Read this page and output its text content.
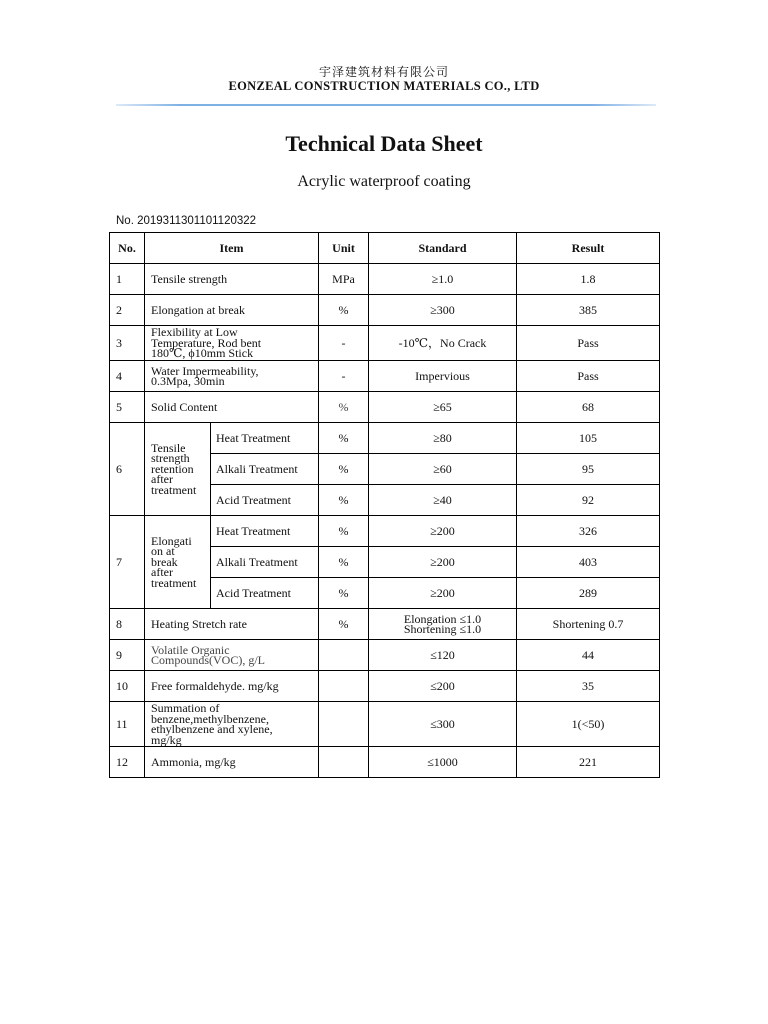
宇泽建筑材料有限公司
EONZEAL CONSTRUCTION MATERIALS CO., LTD
Technical Data Sheet
Acrylic waterproof coating
No. 2019311301101120322
No.	Item		Unit	Standard	Result
1	Tensile strength		MPa	≥1.0	1.8
2	Elongation at break		%	≥300	385
3	Flexibility at Low
Temperature, Rod bent
180℃, ϕ10mm Stick		-	-10℃，No Crack	Pass
4	Water Impermeability,
0.3Mpa, 30min		-	Impervious	Pass
5	Solid Content		%	≥65	68
6	Tensile
strength
retention
after
treatment	Heat Treatment	%	≥80	105
		Alkali Treatment	%	≥60	95
		Acid Treatment	%	≥40	92
7	Elongati
on at
break
after
treatment	Heat Treatment	%	≥200	326
		Alkali Treatment	%	≥200	403
		Acid Treatment	%	≥200	289
8	Heating Stretch rate		%	Elongation ≤1.0
Shortening ≤1.0	Shortening 0.7
9	Volatile Organic
Compounds(VOC), g/L			≤120	44
10	Free formaldehyde. mg/kg			≤200	35
11	Summation of
benzene,methylbenzene,
ethylbenzene and xylene,
mg/kg			≤300	1(<50)
12	Ammonia, mg/kg			≤1000	221
